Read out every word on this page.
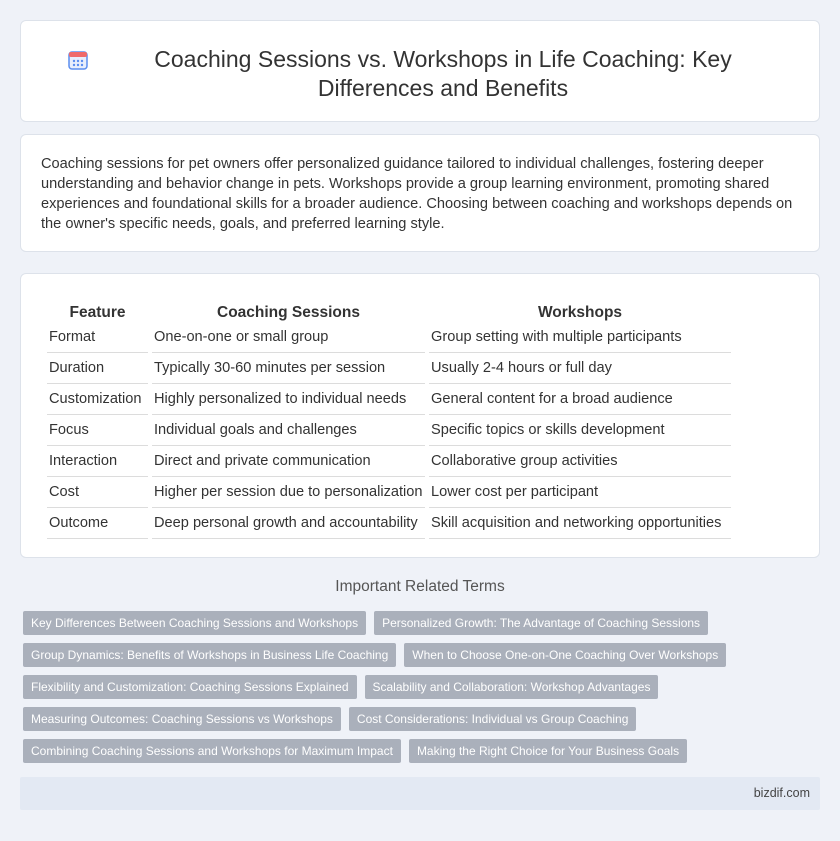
Coaching Sessions vs. Workshops in Life Coaching: Key Differences and Benefits

Coaching sessions for pet owners offer personalized guidance tailored to individual challenges, fostering deeper understanding and behavior change in pets. Workshops provide a group learning environment, promoting shared experiences and foundational skills for a broader audience. Choosing between coaching and workshops depends on the owner's specific needs, goals, and preferred learning style.

Feature	Coaching Sessions	Workshops
Format	One-on-one or small group	Group setting with multiple participants
Duration	Typically 30-60 minutes per session	Usually 2-4 hours or full day
Customization	Highly personalized to individual needs	General content for a broad audience
Focus	Individual goals and challenges	Specific topics or skills development
Interaction	Direct and private communication	Collaborative group activities
Cost	Higher per session due to personalization	Lower cost per participant
Outcome	Deep personal growth and accountability	Skill acquisition and networking opportunities
Important Related Terms
Key Differences Between Coaching Sessions and Workshops	Personalized Growth: The Advantage of Coaching Sessions
Group Dynamics: Benefits of Workshops in Business Life Coaching	When to Choose One-on-One Coaching Over Workshops
Flexibility and Customization: Coaching Sessions Explained	Scalability and Collaboration: Workshop Advantages
Measuring Outcomes: Coaching Sessions vs Workshops	Cost Considerations: Individual vs Group Coaching
Combining Coaching Sessions and Workshops for Maximum Impact	Making the Right Choice for Your Business Goals
bizdif.com
